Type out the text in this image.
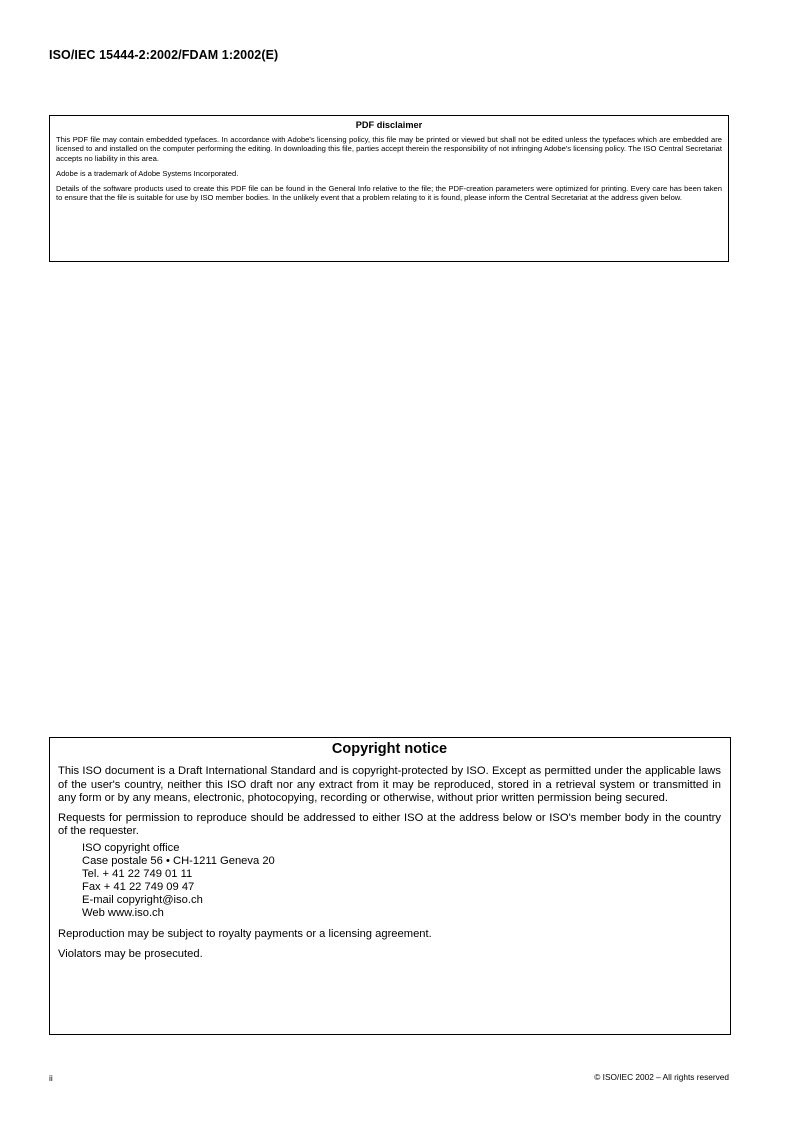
ISO/IEC 15444-2:2002/FDAM 1:2002(E)
PDF disclaimer

This PDF file may contain embedded typefaces. In accordance with Adobe's licensing policy, this file may be printed or viewed but shall not be edited unless the typefaces which are embedded are licensed to and installed on the computer performing the editing. In downloading this file, parties accept therein the responsibility of not infringing Adobe's licensing policy. The ISO Central Secretariat accepts no liability in this area.

Adobe is a trademark of Adobe Systems Incorporated.

Details of the software products used to create this PDF file can be found in the General Info relative to the file; the PDF-creation parameters were optimized for printing. Every care has been taken to ensure that the file is suitable for use by ISO member bodies. In the unlikely event that a problem relating to it is found, please inform the Central Secretariat at the address given below.

Copyright notice

This ISO document is a Draft International Standard and is copyright-protected by ISO. Except as permitted under the applicable laws of the user's country, neither this ISO draft nor any extract from it may be reproduced, stored in a retrieval system or transmitted in any form or by any means, electronic, photocopying, recording or otherwise, without prior written permission being secured.

Requests for permission to reproduce should be addressed to either ISO at the address below or ISO's member body in the country of the requester.

ISO copyright office
Case postale 56 • CH-1211 Geneva 20
Tel. + 41 22 749 01 11
Fax + 41 22 749 09 47
E-mail copyright@iso.ch
Web www.iso.ch

Reproduction may be subject to royalty payments or a licensing agreement.

Violators may be prosecuted.

ii	© ISO/IEC 2002 – All rights reserved
